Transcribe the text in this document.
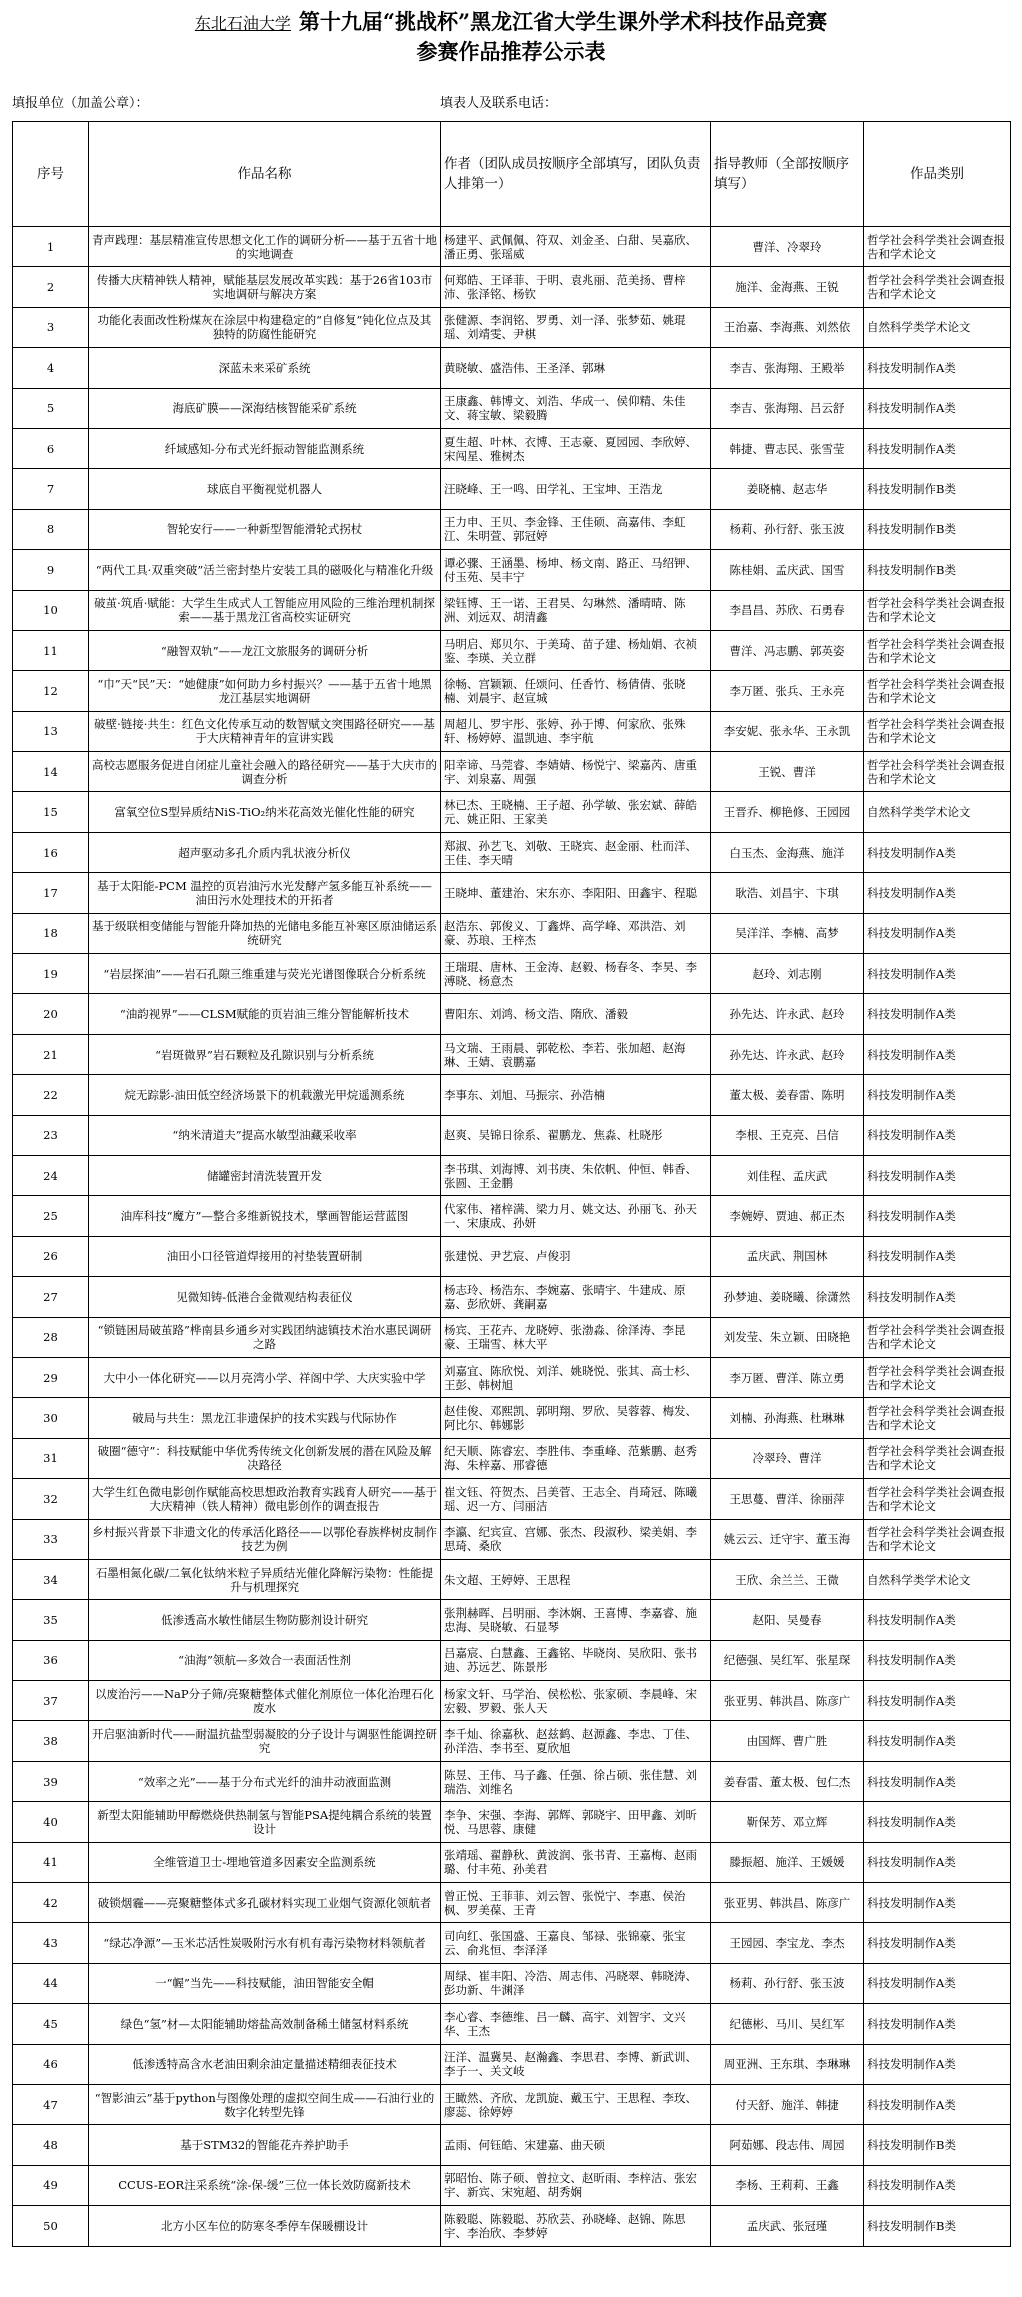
东北石油大学 第十九届“挑战杯”黑龙江省大学生课外学术科技作品竞赛
参赛作品推荐公示表
填报单位（加盖公章）：	填表人及联系电话：
序号	作品名称	作者（团队成员按顺序全部填写，团队负责人排第一）	指导教师（全部按顺序填写）	作品类别
1	青声践理：基层精准宣传思想文化工作的调研分析——基于五省十地的实地调查	杨建平、武佩佩、符双、刘金圣、白甜、吴嘉欣、潘正勇、张瑶威	曹洋、冷翠玲	哲学社会科学类社会调查报告和学术论文
2	传播大庆精神铁人精神，赋能基层发展改革实践：基于26省103市实地调研与解决方案	何郑皓、王译菲、于明、袁兆丽、范美扬、曹梓沛、张泽铭、杨钦	施洋、金海燕、王锐	哲学社会科学类社会调查报告和学术论文
3	功能化表面改性粉煤灰在涂层中构建稳定的“自修复”钝化位点及其独特的防腐性能研究	张健源、李润铭、罗勇、刘一泽、张梦茹、姚琨瑶、刘靖雯、尹棋	王治嘉、李海燕、刘然依	自然科学类学术论文
4	深蓝未来采矿系统	黄晓敏、盛浩伟、王圣泽、郭琳	李吉、张海翔、王殿举	科技发明制作A类
5	海底矿膜——深海结核智能采矿系统	王康鑫、韩博文、刘浩、华成一、侯仰精、朱佳文、蒋宝敏、梁毅腾	李吉、张海翔、吕云舒	科技发明制作A类
6	纤域感知-分布式光纤振动智能监测系统	夏生超、叶林、衣博、王志豪、夏园园、李欣婷、宋闯星、雅树杰	韩捷、曹志民、张雪莹	科技发明制作A类
7	球底自平衡视觉机器人	汪晓峰、王一鸣、田学礼、王宝坤、王浩龙	姜晓楠、赵志华	科技发明制作B类
8	智轮安行——一种新型智能滑轮式拐杖	王力申、王贝、李金锋、王佳硕、高嘉伟、李虹江、朱明萱、郭冠婷	杨莉、孙行舒、张玉波	科技发明制作B类
9	“两代工具·双重突破”活兰密封垫片安装工具的磁吸化与精准化升级	谭必骤、王涵墨、杨坤、杨文南、路正、马绍钾、付玉苑、吴丰宁	陈桂娟、孟庆武、国雪	科技发明制作B类
10	破茧·筑盾·赋能：大学生生成式人工智能应用风险的三维治理机制探索——基于黑龙江省高校实证研究	梁钰博、王一诺、王君昊、勾琳然、潘晴晴、陈洲、刘远双、胡清鑫	李昌昌、苏欣、石勇春	哲学社会科学类社会调查报告和学术论文
11	“融智双轨”——龙江文旅服务的调研分析	马明启、郑贝尔、于美琦、苗子建、杨灿娟、衣祯鉴、李瑛、关立群	曹洋、冯志鹏、郭英姿	哲学社会科学类社会调查报告和学术论文
12	“巾”天“民”天：“她健康”如何助力乡村振兴？——基于五省十地黑龙江基层实地调研	徐畅、宫颖颖、任颂问、任香竹、杨倩倩、张晓楠、刘晨宇、赵宣城	李万匿、张兵、王永亮	哲学社会科学类社会调查报告和学术论文
13	破壁·链接·共生：红色文化传承互动的数智赋文突围路径研究——基于大庆精神青年的宣讲实践	周超儿、罗宇彤、张婷、孙于博、何家欣、张殊轩、杨婷婷、温凯迪、李宇航	李安妮、张永华、王永凯	哲学社会科学类社会调查报告和学术论文
14	高校志愿服务促进自闭症儿童社会融入的路径研究——基于大庆市的调查分析	阳幸谛、马莞睿、李婧婧、杨悦宁、梁嘉芮、唐重宇、刘泉嘉、周强	王锐、曹洋	哲学社会科学类社会调查报告和学术论文
15	富氧空位S型异质结NiS-TiO₂纳米花高效光催化性能的研究	林已杰、王晓楠、王子超、孙学敏、张宏斌、薛皓元、姚正阳、王家美	王晋乔、柳艳修、王园园	自然科学类学术论文
16	超声驱动多孔介质内乳状液分析仪	郑淑、孙艺飞、刘敬、王晓宾、赵金丽、杜而洋、王佳、李天晴	白玉杰、金海燕、施洋	科技发明制作A类
17	基于太阳能-PCM 温控的页岩油污水光发酵产氢多能互补系统——油田污水处理技术的开拓者	王晓坤、董建治、宋东亦、李阳阳、田鑫宇、程聪	耿浩、刘昌宇、卞琪	科技发明制作A类
18	基于级联相变储能与智能升降加热的光储电多能互补寒区原油储运系统研究	赵浩东、郭俊义、丁鑫烨、高学峰、邓洪浩、刘豪、苏琅、王梓杰	吴洋洋、李楠、高梦	科技发明制作A类
19	“岩层探油”——岩石孔隙三维重建与荧光光谱图像联合分析系统	王瑞琨、唐林、王金涛、赵毅、杨春冬、李昊、李溥晓、杨意杰	赵玲、刘志刚	科技发明制作A类
20	“油韵视界”——CLSM赋能的页岩油三维分智能解析技术	曹阳东、刘鸿、杨文浩、隋欣、潘毅	孙先达、许永武、赵玲	科技发明制作A类
21	“岩斑微界”岩石颗粒及孔隙识别与分析系统	马文瑞、王雨晨、郭乾松、李若、张加超、赵海琳、王婧、袁鹏嘉	孙先达、许永武、赵玲	科技发明制作A类
22	烷无踪影-油田低空经济场景下的机载激光甲烷遥测系统	李事东、刘旭、马振宗、孙浩楠	董太极、姜春雷、陈明	科技发明制作A类
23	“纳米清道夫”提高水敏型油藏采收率	赵爽、吴锦日徐系、翟鹏龙、焦淼、杜晓彤	李根、王克亮、吕信	科技发明制作A类
24	储罐密封清洗装置开发	李书琪、刘海博、刘书庚、朱依帆、仲恒、韩香、张圆、王金鹏	刘佳程、孟庆武	科技发明制作A类
25	油库科技“魔方”—整合多维新锐技术，擘画智能运营蓝图	代家伟、褚梓满、梁力月、姚文达、孙丽飞、孙天一、宋康成、孙妍	李婉婷、贾迪、郝正杰	科技发明制作A类
26	油田小口径管道焊接用的衬垫装置研制	张建悦、尹艺宸、卢俊羽	孟庆武、荆国林	科技发明制作A类
27	见微知铸-低港合金微观结构表征仪	杨志玲、杨浩东、李婉嘉、张晴宇、牛建成、原嘉、彭欣妍、龚嗣嘉	孙梦迪、姜晓曦、徐潇然	科技发明制作A类
28	“锁链困局破茧路”桦南县乡通乡对实践团纳滤镇技术治水惠民调研之路	杨宾、王花卉、龙晓婷、张渤淼、徐泽涛、李昆豪、王瑞雪、林大平	刘发莹、朱立颖、田晓艳	哲学社会科学类社会调查报告和学术论文
29	大中小一体化研究——以月亮湾小学、祥阁中学、大庆实验中学	刘嘉宜、陈欣悦、刘洋、姚晓悦、张其、高士杉、王彭、韩树旭	李万匿、曹洋、陈立勇	哲学社会科学类社会调查报告和学术论文
30	破局与共生：黑龙江非遗保护的技术实践与代际协作	赵佳俊、邓熙凯、郭明翔、罗欣、吴蓉蓉、梅发、阿比尔、韩娜影	刘楠、孙海燕、杜琳琳	哲学社会科学类社会调查报告和学术论文
31	破圈“德守”：科技赋能中华优秀传统文化创新发展的潜在风险及解决路径	纪天顺、陈睿宏、李胜伟、李重峰、范紫鹏、赵秀海、朱梓嘉、邢睿德	冷翠玲、曹洋	哲学社会科学类社会调查报告和学术论文
32	大学生红色微电影创作赋能高校思想政治教育实践育人研究——基于大庆精神（铁人精神）微电影创作的调查报告	崔文钰、符贺杰、吕美菅、王志全、肖琦冠、陈曦瑶、迟一方、闫丽洁	王思蔓、曹洋、徐丽萍	哲学社会科学类社会调查报告和学术论文
33	乡村振兴背景下非遗文化的传承活化路径——以鄂伦春族桦树皮制作技艺为例	李瀛、纪宾宣、宫娜、张杰、段淑秒、梁美娟、李思琦、桑欣	姚云云、迁守宇、董玉海	哲学社会科学类社会调查报告和学术论文
34	石墨相氮化碳/二氧化钛纳米粒子异质结光催化降解污染物：性能提升与机理探究	朱文超、王婷婷、王思程	王欣、余兰兰、王微	自然科学类学术论文
35	低渗透高水敏性储层生物防膨剂设计研究	张荆赫晖、吕明丽、李沐娴、王喜博、李嘉睿、施忠海、吴晓敏、石显琴	赵阳、吴曼春	科技发明制作A类
36	“油海”领航—多效合一表面活性剂	吕嘉宸、白慧鑫、王鑫铭、毕晓岗、吴欣阳、张书迪、苏远艺、陈景彤	纪德强、吴红军、张星琛	科技发明制作A类
37	以废治污——NaP分子筛/亮聚糖整体式催化剂原位一体化治理石化废水	杨家文轩、马学治、侯松松、张家硕、李晨峰、宋宏毅、罗毅、张人天	张亚男、韩洪昌、陈彦广	科技发明制作A类
38	开启驱油新时代——耐温抗盐型弱凝胶的分子设计与调驱性能调控研究	李千灿、徐嘉秋、赵兹鹤、赵源鑫、李忠、丁佳、孙洋浩、李书至、夏欣旭	由国辉、曹广胜	科技发明制作A类
39	“效率之光”——基于分布式光纤的油井动液面监测	陈昱、王伟、马子鑫、任强、徐占硕、张佳慧、刘瑞浩、刘维名	姜春雷、董太极、包仁杰	科技发明制作A类
40	新型太阳能辅助甲醇燃烧供热制氢与智能PSA提纯耦合系统的装置设计	李争、宋强、李海、郭辉、郭晓宇、田甲鑫、刘昕悦、马思蓉、康健	靳保芳、邓立辉	科技发明制作A类
41	全维管道卫士-埋地管道多因素安全监测系统	张靖瑶、翟静秋、黄波润、张书青、王嘉梅、赵雨璐、付丰苑、孙美君	滕振超、施洋、王媛媛	科技发明制作A类
42	破锁烟霾——亮聚糖整体式多孔碳材料实现工业烟气资源化领航者	曾正悦、王菲菲、刘云智、张悦宁、李惠、侯治枫、罗美葆、王青	张亚男、韩洪昌、陈彦广	科技发明制作A类
43	“绿芯净源”—玉米芯活性炭吸附污水有机有毒污染物材料领航者	司向红、张国盛、王嘉良、邹禄、张锦豪、张宝云、俞兆恒、李泽泽	王园园、李宝龙、李杰	科技发明制作A类
44	一“幄”当先——科技赋能，油田智能安全帽	周绿、崔丰阳、冷浩、周志伟、冯晓翠、韩晓涛、彭功新、牛渊泽	杨莉、孙行舒、张玉波	科技发明制作A类
45	绿色“氢”材—太阳能辅助熔盐高效制备稀土储氢材料系统	李心睿、李德维、吕一麟、高宇、刘智宇、文兴华、王杰	纪德彬、马川、吴红军	科技发明制作A类
46	低渗透特高含水老油田剩余油定量描述精细表征技术	汪洋、温冀昊、赵瀚鑫、李思君、李博、新武训、李子一、关文岐	周亚洲、王东琪、李琳琳	科技发明制作A类
47	“智影油云”基于python与图像处理的虚拟空间生成——石油行业的数字化转型先锋	王瞰然、齐欣、龙凯旋、戴玉宁、王思程、李玫、廖蕊、徐婷婷	付天舒、施洋、韩捷	科技发明制作A类
48	基于STM32的智能花卉养护助手	孟雨、何钰皓、宋建嘉、曲天硕	阿茹娜、段志伟、周园	科技发明制作B类
49	CCUS-EOR注采系统“涂-保-缓”三位一体长效防腐新技术	郭昭怡、陈子硕、曾拉文、赵昕雨、李梓洁、张宏宇、新宾、宋宛超、胡秀娴	李杨、王莉莉、王鑫	科技发明制作A类
50	北方小区车位的防寒冬季停车保暖棚设计	陈毅聪、陈毅聪、苏欣芸、孙晓峰、赵锦、陈思宇、李治欣、李梦婷	孟庆武、张冠瑾	科技发明制作B类
